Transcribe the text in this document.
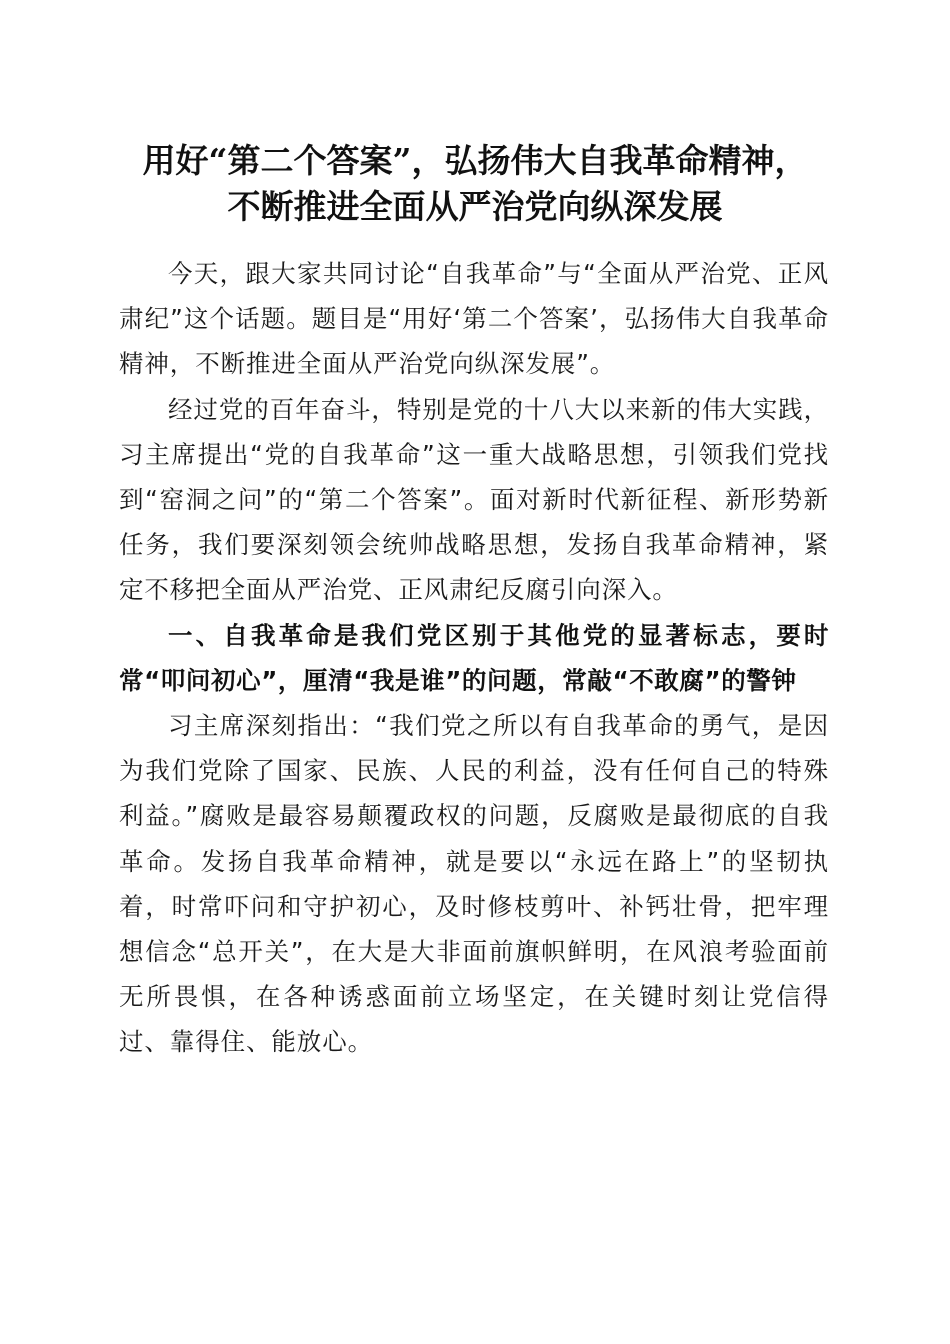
用好“第二个答案”，弘扬伟大自我革命精神，
不断推进全面从严治党向纵深发展

今天，跟大家共同讨论“自我革命”与“全面从严治党、正风肃纪”这个话题。题目是“用好‘第二个答案’，弘扬伟大自我革命精神，不断推进全面从严治党向纵深发展”。

经过党的百年奋斗，特别是党的十八大以来新的伟大实践，习主席提出“党的自我革命”这一重大战略思想，引领我们党找到“窑洞之问”的“第二个答案”。面对新时代新征程、新形势新任务，我们要深刻领会统帅战略思想，发扬自我革命精神，紧定不移把全面从严治党、正风肃纪反腐引向深入。

一、自我革命是我们党区别于其他党的显著标志，要时常“叩问初心”，厘清“我是谁”的问题，常敲“不敢腐”的警钟

习主席深刻指出：“我们党之所以有自我革命的勇气，是因为我们党除了国家、民族、人民的利益，没有任何自己的特殊利益。”腐败是最容易颠覆政权的问题，反腐败是最彻底的自我革命。发扬自我革命精神，就是要以“永远在路上”的坚韧执着，时常吓问和守护初心，及时修枝剪叶、补钙壮骨，把牢理想信念“总开关”，在大是大非面前旗帜鲜明，在风浪考验面前无所畏惧，在各种诱惑面前立场坚定，在关键时刻让党信得过、靠得住、能放心。
